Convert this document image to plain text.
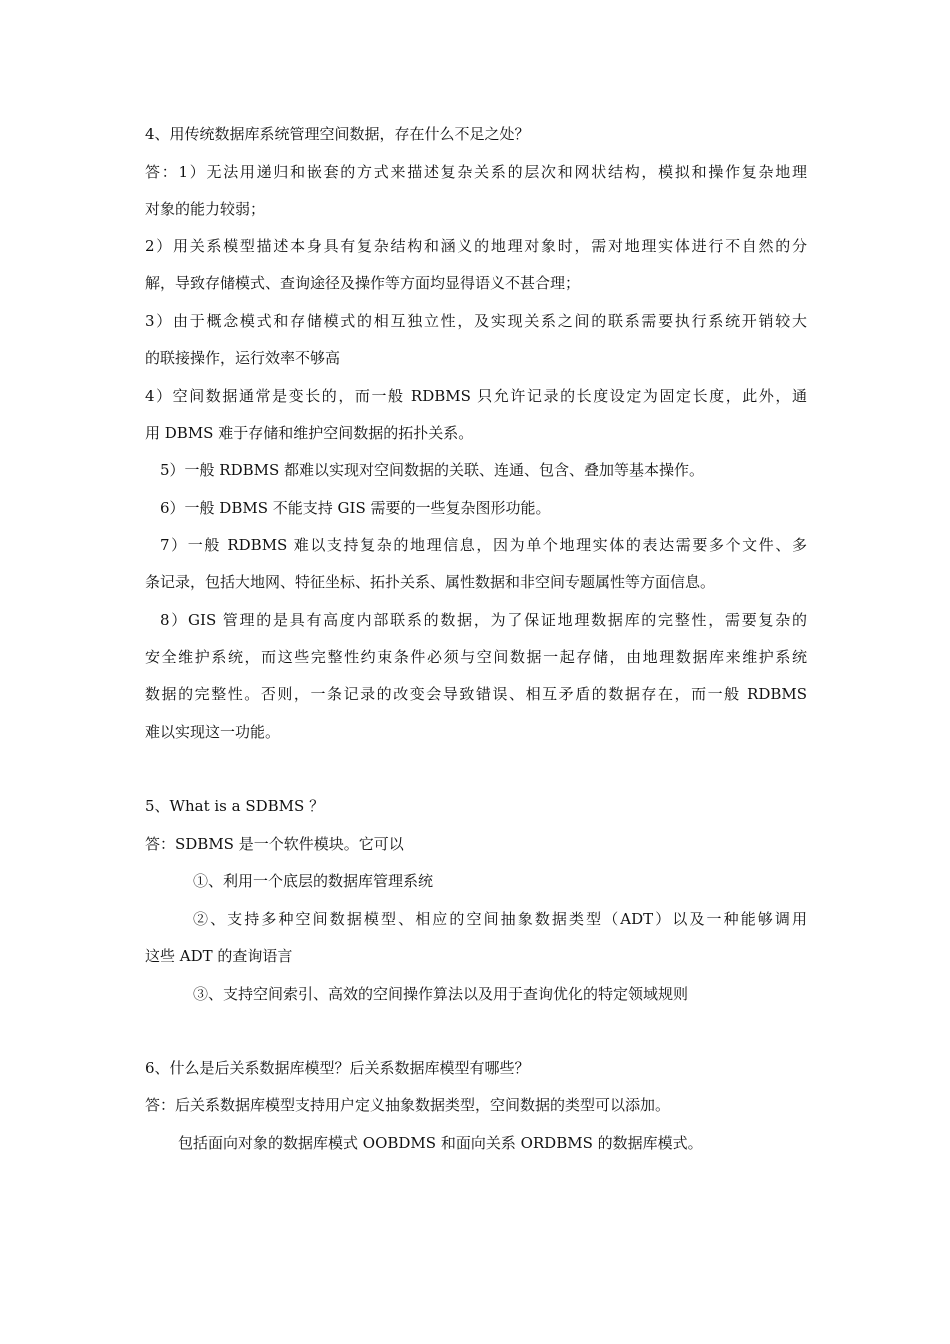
4、用传统数据库系统管理空间数据，存在什么不足之处？
答：1）无法用递归和嵌套的方式来描述复杂关系的层次和网状结构，模拟和操作复杂地理
对象的能力较弱；
2）用关系模型描述本身具有复杂结构和涵义的地理对象时，需对地理实体进行不自然的分
解，导致存储模式、查询途径及操作等方面均显得语义不甚合理；
3）由于概念模式和存储模式的相互独立性，及实现关系之间的联系需要执行系统开销较大
的联接操作，运行效率不够高
4）空间数据通常是变长的，而一般 RDBMS 只允许记录的长度设定为固定长度，此外，通
用 DBMS 难于存储和维护空间数据的拓扑关系。
5）一般 RDBMS 都难以实现对空间数据的关联、连通、包含、叠加等基本操作。
6）一般 DBMS 不能支持 GIS 需要的一些复杂图形功能。
7）一般 RDBMS 难以支持复杂的地理信息，因为单个地理实体的表达需要多个文件、多
条记录，包括大地网、特征坐标、拓扑关系、属性数据和非空间专题属性等方面信息。
8）GIS 管理的是具有高度内部联系的数据，为了保证地理数据库的完整性，需要复杂的
安全维护系统，而这些完整性约束条件必须与空间数据一起存储，由地理数据库来维护系统
数据的完整性。否则，一条记录的改变会导致错误、相互矛盾的数据存在，而一般 RDBMS
难以实现这一功能。
5、What is a SDBMS ？
答：SDBMS 是一个软件模块。它可以
①、利用一个底层的数据库管理系统
②、支持多种空间数据模型、相应的空间抽象数据类型（ADT）以及一种能够调用
这些 ADT 的查询语言
③、支持空间索引、高效的空间操作算法以及用于查询优化的特定领域规则
6、什么是后关系数据库模型？后关系数据库模型有哪些？
答：后关系数据库模型支持用户定义抽象数据类型，空间数据的类型可以添加。
包括面向对象的数据库模式 OOBDMS 和面向关系 ORDBMS 的数据库模式。
